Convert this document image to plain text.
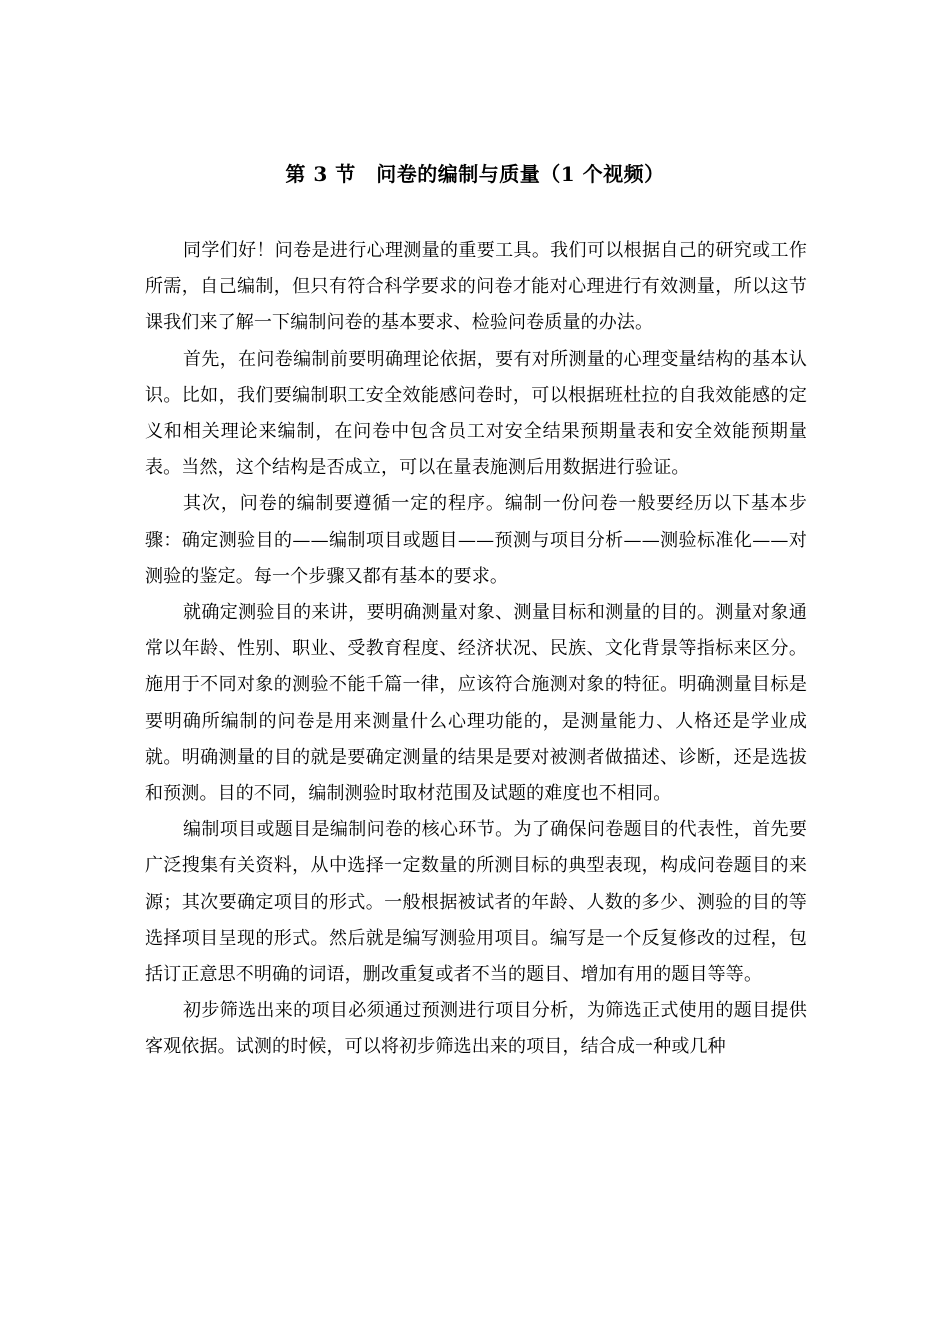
第 3 节　问卷的编制与质量（1 个视频）

同学们好！问卷是进行心理测量的重要工具。我们可以根据自己的研究或工作所需，自己编制，但只有符合科学要求的问卷才能对心理进行有效测量，所以这节课我们来了解一下编制问卷的基本要求、检验问卷质量的办法。

首先，在问卷编制前要明确理论依据，要有对所测量的心理变量结构的基本认识。比如，我们要编制职工安全效能感问卷时，可以根据班杜拉的自我效能感的定义和相关理论来编制，在问卷中包含员工对安全结果预期量表和安全效能预期量表。当然，这个结构是否成立，可以在量表施测后用数据进行验证。

其次，问卷的编制要遵循一定的程序。编制一份问卷一般要经历以下基本步骤：确定测验目的——编制项目或题目——预测与项目分析——测验标准化——对测验的鉴定。每一个步骤又都有基本的要求。

就确定测验目的来讲，要明确测量对象、测量目标和测量的目的。测量对象通常以年龄、性别、职业、受教育程度、经济状况、民族、文化背景等指标来区分。施用于不同对象的测验不能千篇一律，应该符合施测对象的特征。明确测量目标是要明确所编制的问卷是用来测量什么心理功能的，是测量能力、人格还是学业成就。明确测量的目的就是要确定测量的结果是要对被测者做描述、诊断，还是选拔和预测。目的不同，编制测验时取材范围及试题的难度也不相同。

编制项目或题目是编制问卷的核心环节。为了确保问卷题目的代表性，首先要广泛搜集有关资料，从中选择一定数量的所测目标的典型表现，构成问卷题目的来源；其次要确定项目的形式。一般根据被试者的年龄、人数的多少、测验的目的等选择项目呈现的形式。然后就是编写测验用项目。编写是一个反复修改的过程，包括订正意思不明确的词语，删改重复或者不当的题目、增加有用的题目等等。

初步筛选出来的项目必须通过预测进行项目分析，为筛选正式使用的题目提供客观依据。试测的时候，可以将初步筛选出来的项目，结合成一种或几种
